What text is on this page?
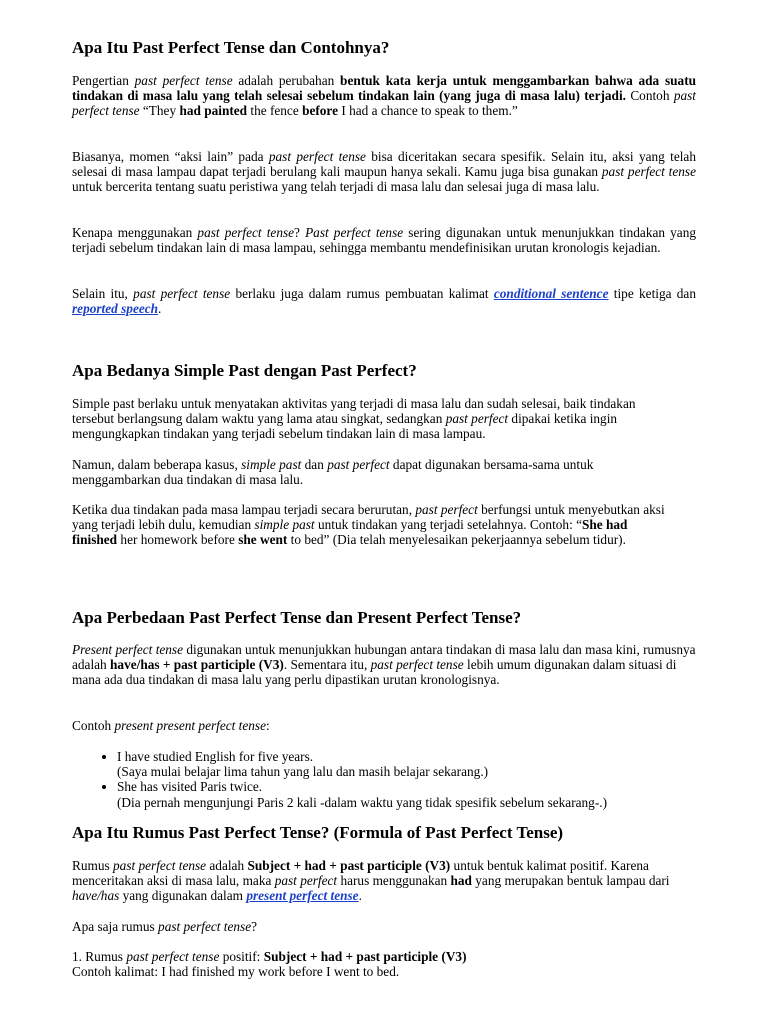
Apa Itu Past Perfect Tense dan Contohnya?

Pengertian past perfect tense adalah perubahan bentuk kata kerja untuk menggambarkan bahwa ada suatu tindakan di masa lalu yang telah selesai sebelum tindakan lain (yang juga di masa lalu) terjadi. Contoh past perfect tense “They had painted the fence before I had a chance to speak to them.”

Biasanya, momen “aksi lain” pada past perfect tense bisa diceritakan secara spesifik. Selain itu, aksi yang telah selesai di masa lampau dapat terjadi berulang kali maupun hanya sekali. Kamu juga bisa gunakan past perfect tense untuk bercerita tentang suatu peristiwa yang telah terjadi di masa lalu dan selesai juga di masa lalu.

Kenapa menggunakan past perfect tense? Past perfect tense sering digunakan untuk menunjukkan tindakan yang terjadi sebelum tindakan lain di masa lampau, sehingga membantu mendefinisikan urutan kronologis kejadian.

Selain itu, past perfect tense berlaku juga dalam rumus pembuatan kalimat conditional sentence tipe ketiga dan reported speech.

Apa Bedanya Simple Past dengan Past Perfect?

Simple past berlaku untuk menyatakan aktivitas yang terjadi di masa lalu dan sudah selesai, baik tindakan tersebut berlangsung dalam waktu yang lama atau singkat, sedangkan past perfect dipakai ketika ingin mengungkapkan tindakan yang terjadi sebelum tindakan lain di masa lampau.

Namun, dalam beberapa kasus, simple past dan past perfect dapat digunakan bersama-sama untuk menggambarkan dua tindakan di masa lalu.

Ketika dua tindakan pada masa lampau terjadi secara berurutan, past perfect berfungsi untuk menyebutkan aksi yang terjadi lebih dulu, kemudian simple past untuk tindakan yang terjadi setelahnya. Contoh: “She had finished her homework before she went to bed” (Dia telah menyelesaikan pekerjaannya sebelum tidur).

Apa Perbedaan Past Perfect Tense dan Present Perfect Tense?

Present perfect tense digunakan untuk menunjukkan hubungan antara tindakan di masa lalu dan masa kini, rumusnya adalah have/has + past participle (V3). Sementara itu, past perfect tense lebih umum digunakan dalam situasi di mana ada dua tindakan di masa lalu yang perlu dipastikan urutan kronologisnya.

Contoh present present perfect tense:

• I have studied English for five years.
(Saya mulai belajar lima tahun yang lalu dan masih belajar sekarang.)
• She has visited Paris twice.
(Dia pernah mengunjungi Paris 2 kali -dalam waktu yang tidak spesifik sebelum sekarang-.)
Apa Itu Rumus Past Perfect Tense? (Formula of Past Perfect Tense)

Rumus past perfect tense adalah Subject + had + past participle (V3) untuk bentuk kalimat positif. Karena menceritakan aksi di masa lalu, maka past perfect harus menggunakan had yang merupakan bentuk lampau dari have/has yang digunakan dalam present perfect tense.

Apa saja rumus past perfect tense?

1. Rumus past perfect tense positif: Subject + had + past participle (V3)

Contoh kalimat: I had finished my work before I went to bed.
